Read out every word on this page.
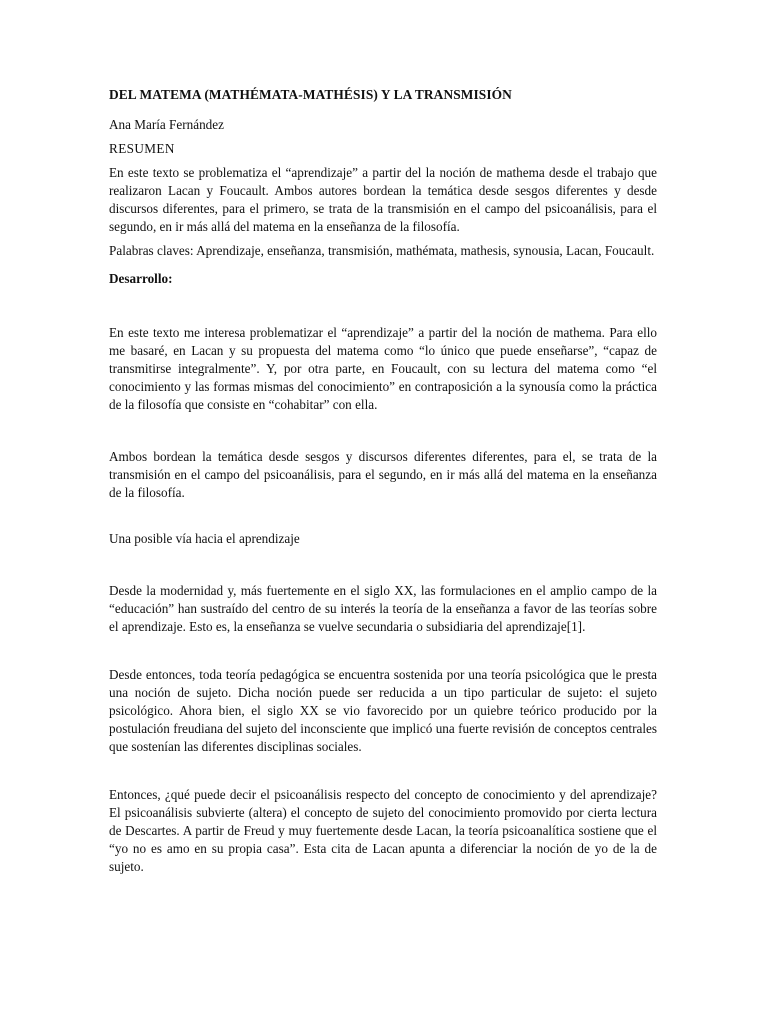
DEL MATEMA (MATHÉMATA-MATHÉSIS) Y LA TRANSMISIÓN
Ana María Fernández
RESUMEN

En este texto se problematiza el “aprendizaje” a partir del la noción de mathema desde el trabajo que realizaron Lacan y Foucault. Ambos autores bordean la temática desde sesgos diferentes y desde discursos diferentes, para el primero, se trata de la transmisión en el campo del psicoanálisis, para el segundo, en ir más allá del matema en la enseñanza de la filosofía.

Palabras claves: Aprendizaje, enseñanza, transmisión, mathémata, mathesis, synousia, Lacan, Foucault.

Desarrollo:

En este texto me interesa problematizar el “aprendizaje” a partir del la noción de mathema. Para ello me basaré, en Lacan y su propuesta del matema como “lo único que puede enseñarse”, “capaz de transmitirse integralmente”. Y, por otra parte, en Foucault, con su lectura del matema como “el conocimiento y las formas mismas del conocimiento” en contraposición a la synousía como la práctica de la filosofía que consiste en “cohabitar” con ella.

Ambos bordean la temática desde sesgos y discursos diferentes diferentes, para el, se trata de la transmisión en el campo del psicoanálisis, para el segundo, en ir más allá del matema en la enseñanza de la filosofía.

Una posible vía hacia el aprendizaje

Desde la modernidad y, más fuertemente en el siglo XX, las formulaciones en el amplio campo de la “educación” han sustraído del centro de su interés la teoría de la enseñanza a favor de las teorías sobre el aprendizaje. Esto es, la enseñanza se vuelve secundaria o subsidiaria del aprendizaje[1].

Desde entonces, toda teoría pedagógica se encuentra sostenida por una teoría psicológica que le presta una noción de sujeto. Dicha noción puede ser reducida a un tipo particular de sujeto: el sujeto psicológico. Ahora bien, el siglo XX se vio favorecido por un quiebre teórico producido por la postulación freudiana del sujeto del inconsciente que implicó una fuerte revisión de conceptos centrales que sostenían las diferentes disciplinas sociales.

Entonces, ¿qué puede decir el psicoanálisis respecto del concepto de conocimiento y del aprendizaje? El psicoanálisis subvierte (altera) el concepto de sujeto del conocimiento promovido por cierta lectura de Descartes. A partir de Freud y muy fuertemente desde Lacan, la teoría psicoanalítica sostiene que el “yo no es amo en su propia casa”. Esta cita de Lacan apunta a diferenciar la noción de yo de la de sujeto.
